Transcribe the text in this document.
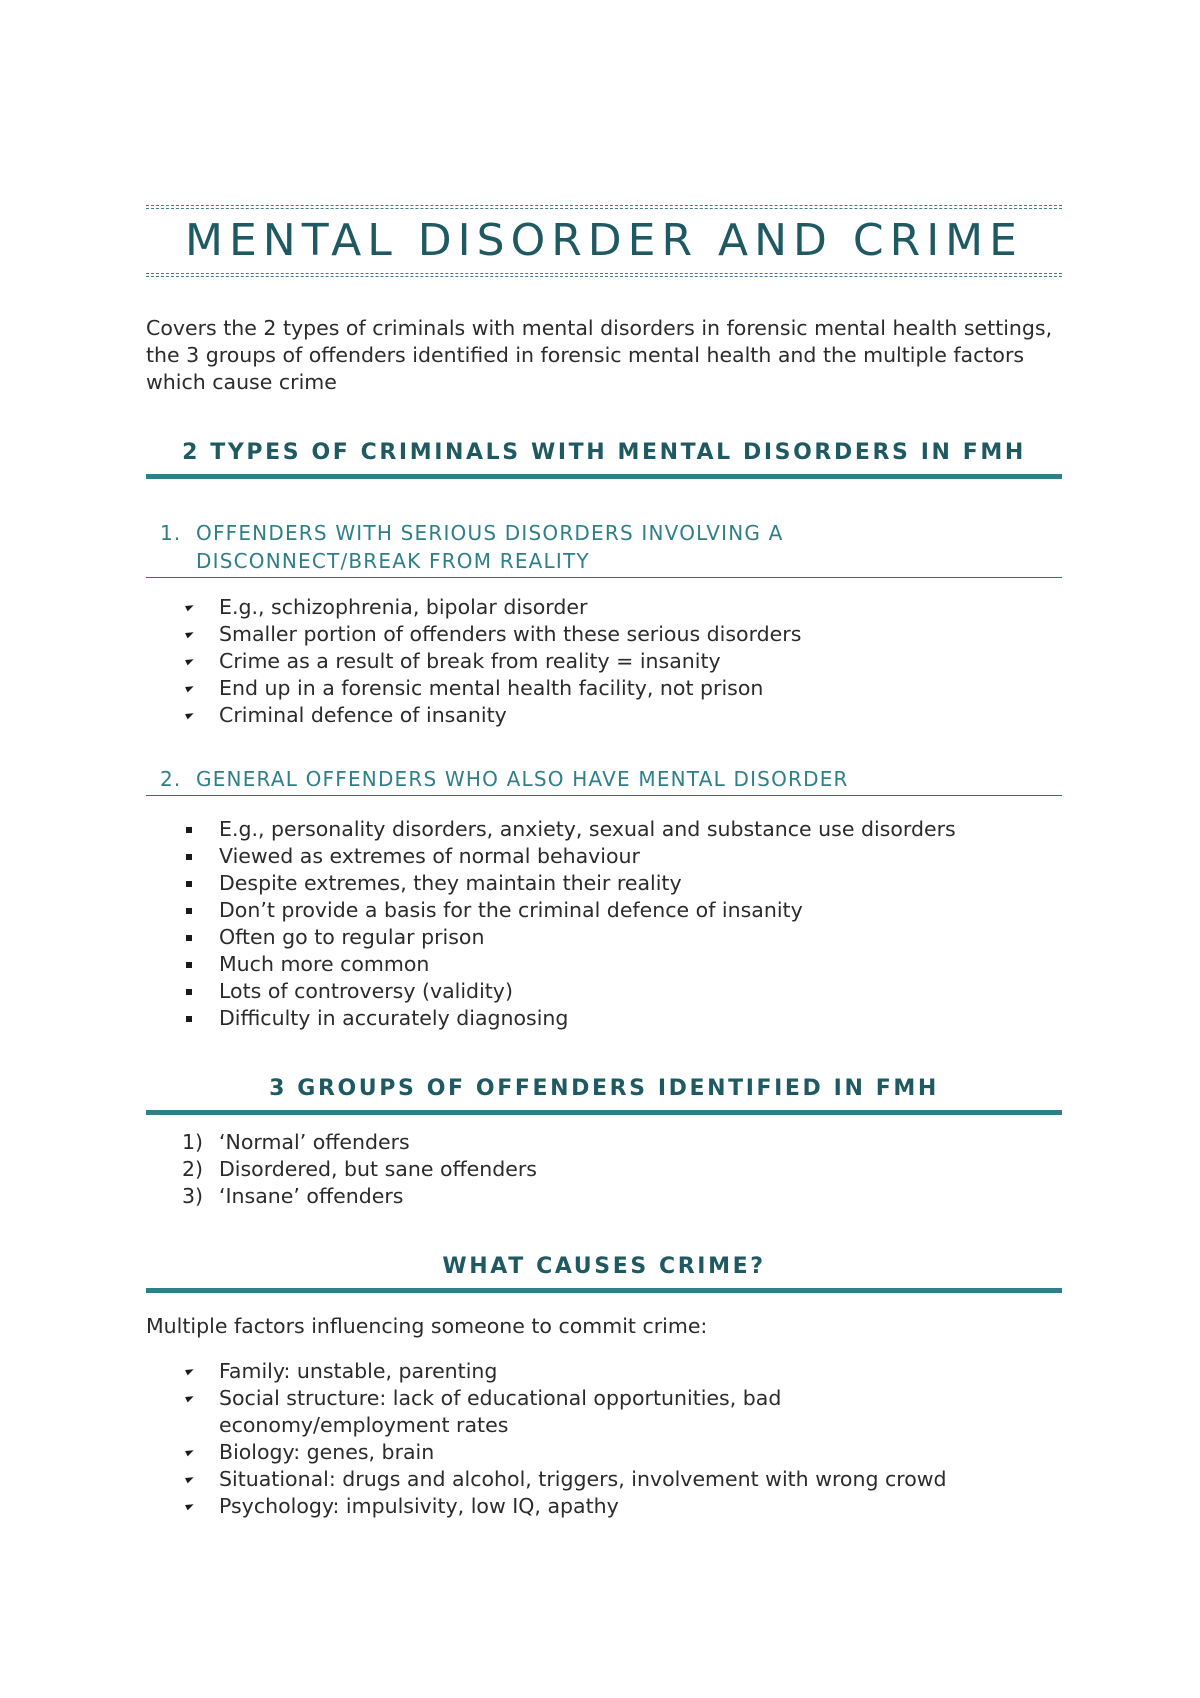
MENTAL DISORDER AND CRIME

Covers the 2 types of criminals with mental disorders in forensic mental health settings, the 3 groups of offenders identified in forensic mental health and the multiple factors which cause crime

2 TYPES OF CRIMINALS WITH MENTAL DISORDERS IN FMH
1. OFFENDERS WITH SERIOUS DISORDERS INVOLVING A DISCONNECT/BREAK FROM REALITY
E.g., schizophrenia, bipolar disorder
Smaller portion of offenders with these serious disorders
Crime as a result of break from reality = insanity
End up in a forensic mental health facility, not prison
Criminal defence of insanity
2. GENERAL OFFENDERS WHO ALSO HAVE MENTAL DISORDER
E.g., personality disorders, anxiety, sexual and substance use disorders
Viewed as extremes of normal behaviour
Despite extremes, they maintain their reality
Don’t provide a basis for the criminal defence of insanity
Often go to regular prison
Much more common
Lots of controversy (validity)
Difficulty in accurately diagnosing
3 GROUPS OF OFFENDERS IDENTIFIED IN FMH
1) ‘Normal’ offenders
2) Disordered, but sane offenders
3) ‘Insane’ offenders
WHAT CAUSES CRIME?

Multiple factors influencing someone to commit crime:

Family: unstable, parenting
Social structure: lack of educational opportunities, bad economy/employment rates
Biology: genes, brain
Situational: drugs and alcohol, triggers, involvement with wrong crowd
Psychology: impulsivity, low IQ, apathy
